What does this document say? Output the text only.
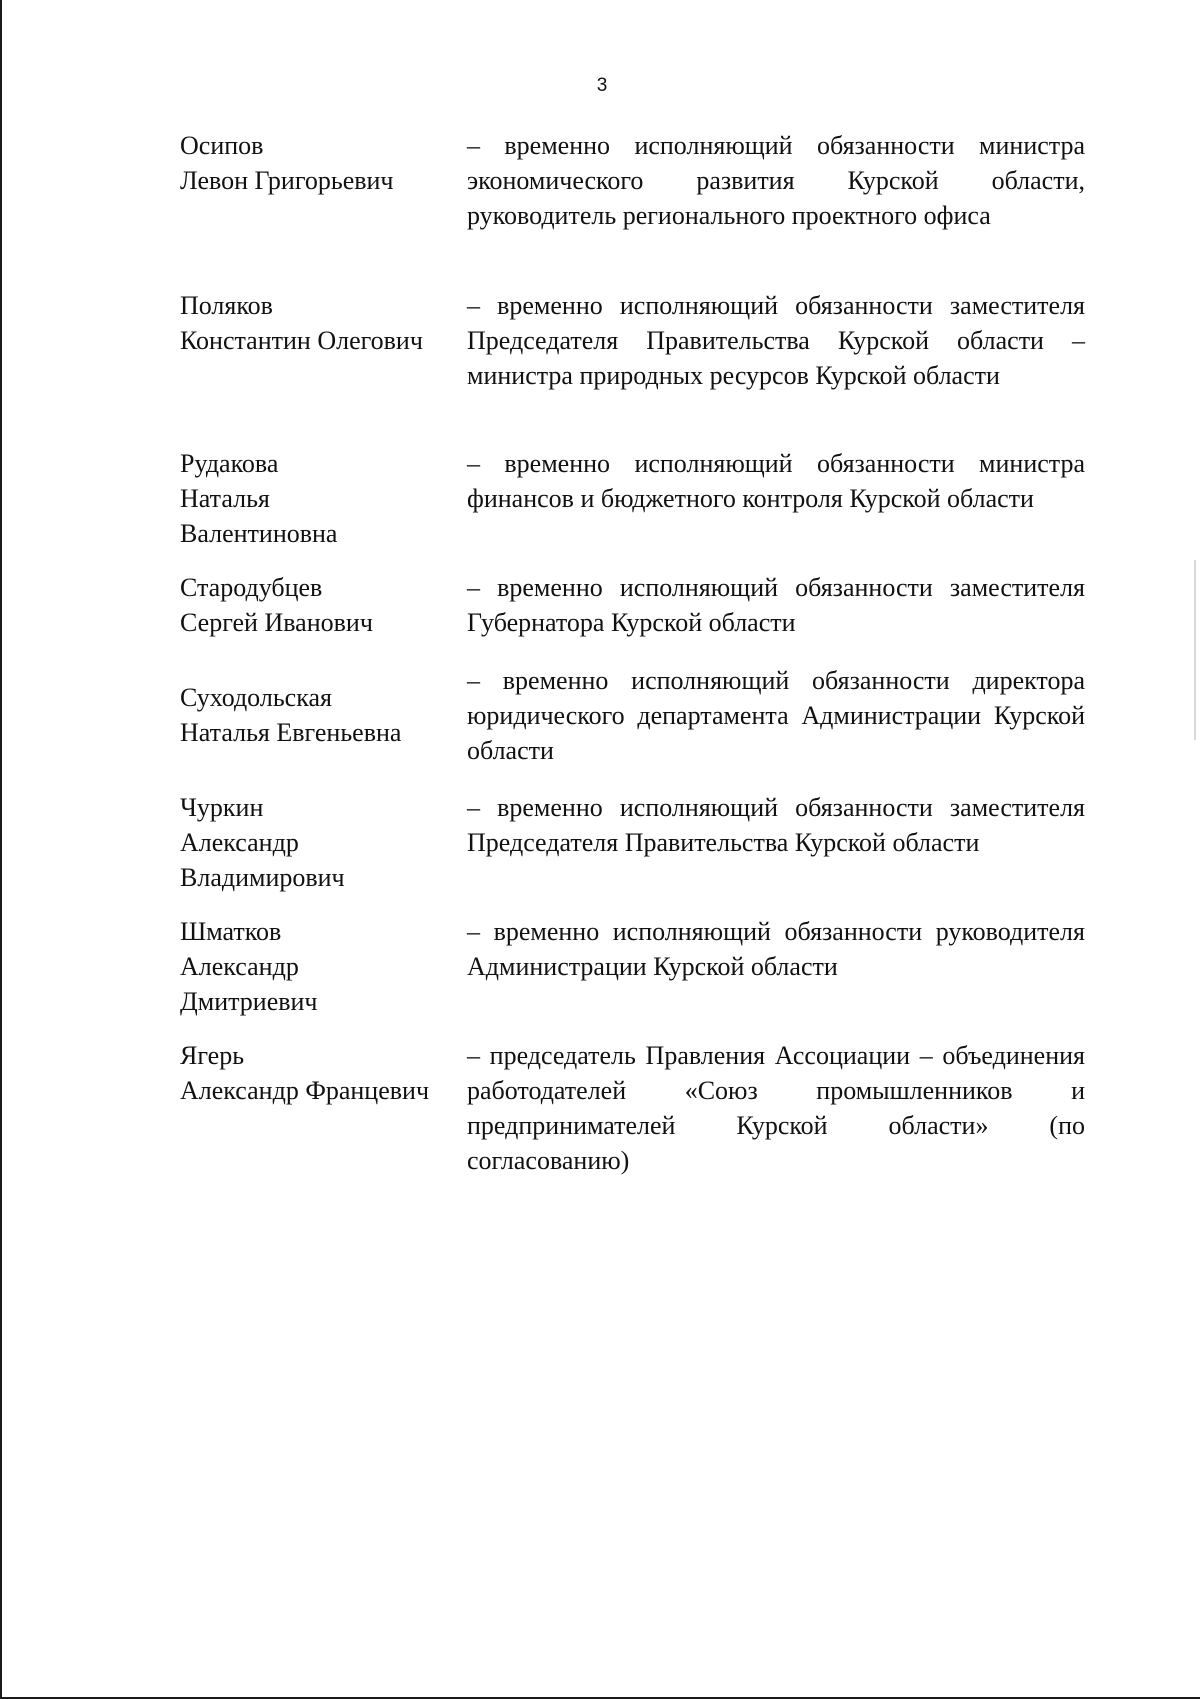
3
Осипов
Левон Григорьевич
– временно исполняющий обязанности министра экономического развития Курской области, руководитель регионального проектного офиса
Поляков
Константин Олегович
– временно исполняющий обязанности заместителя Председателя Правительства Курской области – министра природных ресурсов Курской области
Рудакова
Наталья
Валентиновна
– временно исполняющий обязанности министра финансов и бюджетного контроля Курской области
Стародубцев
Сергей Иванович
– временно исполняющий обязанности заместителя Губернатора Курской области
Суходольская
Наталья Евгеньевна
– временно исполняющий обязанности директора юридического департамента Администрации Курской области
Чуркин
Александр
Владимирович
– временно исполняющий обязанности заместителя Председателя Правительства Курской области
Шматков
Александр
Дмитриевич
– временно исполняющий обязанности руководителя Администрации Курской области
Ягерь
Александр Францевич
– председатель Правления Ассоциации – объединения работодателей «Союз промышленников и предпринимателей Курской области» (по согласованию)
